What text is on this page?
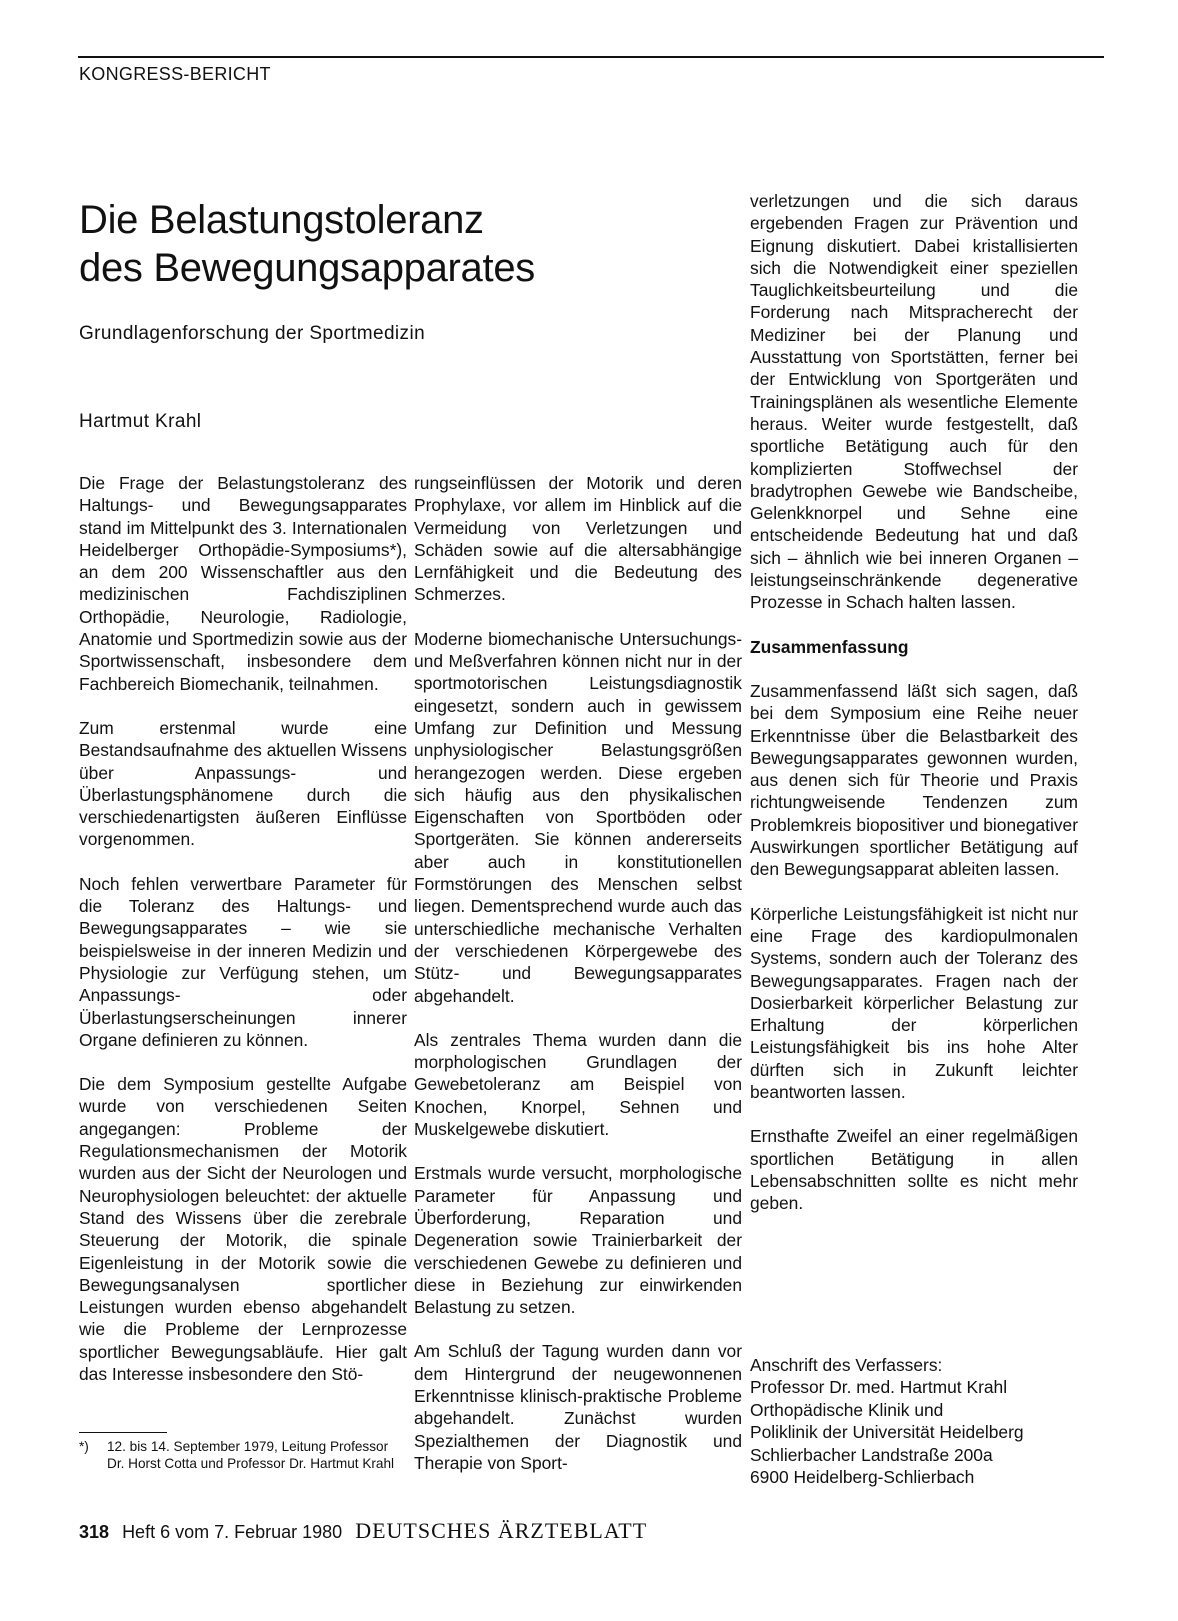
KONGRESS-BERICHT
Die Belastungstoleranz
des Bewegungsapparates
Grundlagenforschung der Sportmedizin
Hartmut Krahl

Die Frage der Belastungstoleranz des Haltungs- und Bewegungsapparates stand im Mittelpunkt des 3. Internationalen Heidelberger Orthopädie-Symposiums*), an dem 200 Wissenschaftler aus den medizinischen Fachdisziplinen Orthopädie, Neurologie, Radiologie, Anatomie und Sportmedizin sowie aus der Sportwissenschaft, insbesondere dem Fachbereich Biomechanik, teilnahmen.

Zum erstenmal wurde eine Bestandsaufnahme des aktuellen Wissens über Anpassungs- und Überlastungsphänomene durch die verschiedenartigsten äußeren Einflüsse vorgenommen.

Noch fehlen verwertbare Parameter für die Toleranz des Haltungs- und Bewegungsapparates – wie sie beispielsweise in der inneren Medizin und Physiologie zur Verfügung stehen, um Anpassungs- oder Überlastungserscheinungen innerer Organe definieren zu können.

Die dem Symposium gestellte Aufgabe wurde von verschiedenen Seiten angegangen: Probleme der Regulationsmechanismen der Motorik wurden aus der Sicht der Neurologen und Neurophysiologen beleuchtet: der aktuelle Stand des Wissens über die zerebrale Steuerung der Motorik, die spinale Eigenleistung in der Motorik sowie die Bewegungsanalysen sportlicher Leistungen wurden ebenso abgehandelt wie die Probleme der Lernprozesse sportlicher Bewegungsabläufe. Hier galt das Interesse insbesondere den Stö-

rungseinflüssen der Motorik und deren Prophylaxe, vor allem im Hinblick auf die Vermeidung von Verletzungen und Schäden sowie auf die altersabhängige Lernfähigkeit und die Bedeutung des Schmerzes.

Moderne biomechanische Untersuchungs- und Meßverfahren können nicht nur in der sportmotorischen Leistungsdiagnostik eingesetzt, sondern auch in gewissem Umfang zur Definition und Messung unphysiologischer Belastungsgrößen herangezogen werden. Diese ergeben sich häufig aus den physikalischen Eigenschaften von Sportböden oder Sportgeräten. Sie können andererseits aber auch in konstitutionellen Formstörungen des Menschen selbst liegen. Dementsprechend wurde auch das unterschiedliche mechanische Verhalten der verschiedenen Körpergewebe des Stütz- und Bewegungsapparates abgehandelt.

Als zentrales Thema wurden dann die morphologischen Grundlagen der Gewebetoleranz am Beispiel von Knochen, Knorpel, Sehnen und Muskelgewebe diskutiert.

Erstmals wurde versucht, morphologische Parameter für Anpassung und Überforderung, Reparation und Degeneration sowie Trainierbarkeit der verschiedenen Gewebe zu definieren und diese in Beziehung zur einwirkenden Belastung zu setzen.

Am Schluß der Tagung wurden dann vor dem Hintergrund der neugewonnenen Erkenntnisse klinisch-praktische Probleme abgehandelt. Zunächst wurden Spezialthemen der Diagnostik und Therapie von Sport-

verletzungen und die sich daraus ergebenden Fragen zur Prävention und Eignung diskutiert. Dabei kristallisierten sich die Notwendigkeit einer speziellen Tauglichkeitsbeurteilung und die Forderung nach Mitspracherecht der Mediziner bei der Planung und Ausstattung von Sportstätten, ferner bei der Entwicklung von Sportgeräten und Trainingsplänen als wesentliche Elemente heraus. Weiter wurde festgestellt, daß sportliche Betätigung auch für den komplizierten Stoffwechsel der bradytrophen Gewebe wie Bandscheibe, Gelenkknorpel und Sehne eine entscheidende Bedeutung hat und daß sich – ähnlich wie bei inneren Organen – leistungseinschränkende degenerative Prozesse in Schach halten lassen.

Zusammenfassung

Zusammenfassend läßt sich sagen, daß bei dem Symposium eine Reihe neuer Erkenntnisse über die Belastbarkeit des Bewegungsapparates gewonnen wurden, aus denen sich für Theorie und Praxis richtungweisende Tendenzen zum Problemkreis biopositiver und bionegativer Auswirkungen sportlicher Betätigung auf den Bewegungsapparat ableiten lassen.

Körperliche Leistungsfähigkeit ist nicht nur eine Frage des kardiopulmonalen Systems, sondern auch der Toleranz des Bewegungsapparates. Fragen nach der Dosierbarkeit körperlicher Belastung zur Erhaltung der körperlichen Leistungsfähigkeit bis ins hohe Alter dürften sich in Zukunft leichter beantworten lassen.

Ernsthafte Zweifel an einer regelmäßigen sportlichen Betätigung in allen Lebensabschnitten sollte es nicht mehr geben.

Anschrift des Verfassers:
Professor Dr. med. Hartmut Krahl
Orthopädische Klinik und
Poliklinik der Universität Heidelberg
Schlierbacher Landstraße 200a
6900 Heidelberg-Schlierbach
*)	12. bis 14. September 1979, Leitung Professor Dr. Horst Cotta und Professor Dr. Hartmut Krahl
318 Heft 6 vom 7. Februar 1980 DEUTSCHES ÄRZTEBLATT
